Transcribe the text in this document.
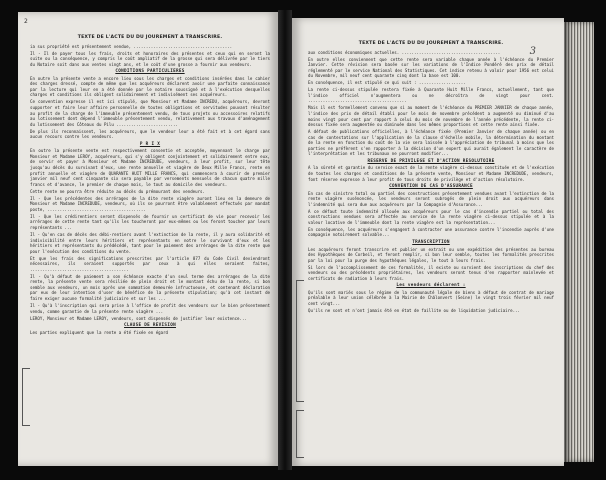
2
TEXTE DE L'ACTE DU DU JOUREMENT A TRANSCRIRE.

ia sus propriété est présentement vendue, ........................................

Il - Il de payer tous les frais, droits et honoraires des présentes et ceux qui en seront la suite ou la conséquence, y compris le coût ampliatif de la grosse qui sera délivrée par le tiers du Notaire soit dans aux ventes vingt ans, et le coût d'une grosse a fournir aux vendeurs.

CONDITIONS PARTICULIERES

En outre la présente vente a encore lieu sous les charges et conditions insérées dans le cahier des charges dressé, compte de même que les acquéreurs déclarent avoir une parfaite connaissance par la lecture qui leur en a été donnée par le notaire soussigné et à l'exécution desquelles charges et conditions ils obligent solidairement et indivisément ses acquéreurs.

Ce convention expresse il est ici stipulé, que Monsieur et Madame INCREDU, acquéreurs, devront supporter et faire leur affaire personnelle de toutes obligations et servitudes pouvant résulter au profit de la charge de l'immeuble présentement vendu, de tous projets ou accessoires relatifs au lotissement dont dépend l'immeuble présentement vendu, relativement aux travaux d'aménagement du lotissement des Côteaux du Pilu .........................

De plus ils reconnaissent, les acquéreurs, que le vendeur leur a été fait et à cet égard sans aucun recours contre les vendeurs.

P R I X

En outre la présente vente est respectivement consentie et acceptée, moyennant le charge par Monsieur et Madame LEROY, acquéreurs, qui s'y obligent conjointement et solidairement entre eux, de servir et payer à Monsieur et Madame INCREDUDE, vendeurs, à leur profit, sur leur tête jusqu'au décès du survivant d'eux, une rente annuelle et viagère de Deux Mille Francs, rente en profit annuelle et viagère de QUARANTE HUIT MILLE FRANCS, qui commencera à courir de premier janvier mil neuf cent cinquante six sera payable par versements mensuels de chacun quatre mille francs et d'avance, le premier de chaque mois, le tout au domicile des vendeurs.

Cette rente ne pourra être réduite au décès du prémourant des vendeurs.

Il - Que les précédentes des arrérages de la dite rente viagère auront lieu en la demeure de Monsieur et Madame INCREDUDE, vendeurs, où ils se pourront être valablement effectués par mandat poste, ........................................

Il - Que les crédirentiers seront dispensés de fournir un certificat de vie pour recevoir les arrérages de cette rente tant qu'ils les toucheront par eux-mêmes ou les feront toucher par leurs représentants ...

Il - Qu'en cas de décès des débi-rentiers avant l'extinction de la rente, il y aura solidarité et indivisibilité entre leurs héritiers et représentants en notre le survivant d'eux et les héritiers et représentants du prédécédé, tant pour le paiement des arrérages de la dite rente que pour l'exécution des conditions du vente.

Et que les frais des significations prescrites par l'article 877 du Code Civil deviendront nécessaires, ils seraient supportés par ceux à qui elles seraient faites, ........................................

Il - Qu'à défaut de paiement a son échéance exacte d'un seul terme des arrérages de la dite rente, la présente vente sera résiliée de plein droit et le montant échu de la rente, si bon semble aux vendeurs, un mois après une sommation demeurée infructueuse, et contenant déclaration par eux de leur intention d'user de bénéfice de la présente stipulation; qu'à cet instant de faire exiger aucune formalité judiciaire et sur les ...

Il - Qu'à l'inscription qui sera prise à l'office de profit des vendeurs sur le bien présentement vendu, comme garantie de la présente rente viagère ...

LEROY, Monsieur et Madame LEROY, vendeurs, sont dispensés de justifier leur existence...

CLAUSE DE REVISION

Les parties expliquent que la rente a été fixée en égard

3
TEXTE DE L'ACTE DU DU JOUREMENT A TRANSCRIRE.

aux conditions économiques actuelles. ........................................

En outre elles conviennent que cette rente sera variable chaque année à l'échéance du Premier Janvier. Cette révision sera basée sur les variations de l'Indice Pondéré des prix de détail réglementé par le service National des Statistiques. Cet indice retenu à valoir pour 1956 est celui du Novembre, mil neuf cent quarante cinq dont la base est 100.

En conséquence, il est stipulé ce qui suit : ...................

La rente ci-dessus stipulée restera fixée à Quarante Huit Mille Francs, actuellement, tant que l'indice officiel n'augmentera ou ne décroîtra de vingt pour cent. ........................................

Mais il est formellement convenu que si au moment de l'échéance du PREMIER JANVIER de chaque année, l'indice des prix de détail établi pour le mois de novembre précédent a augmenté ou diminué d'au moins vingt pour cent par rapport à celui du mois de novembre de l'année précédente, la rente ci-dessus fixée sera augmentée ou diminuée dans les mêmes proportions et cette rente ainsi fixée.

A défaut de publications officielles, à l'échéance fixée (Premier Janvier de chaque année) ou en cas de contestations sur l'application de la clause d'échelle mobile, la détermination du montant de la rente en fonction du coût de la vie sera laissée à l'appréciation de tribunal à moins que les parties ne préfèrent s'en rapporter à la décision d'un expert qui aurait également le caractère de l'interprétation et les tribunaux ne pourront modifier...

RESERVE DE PRIVILEGE ET D'ACTION RESOLUTOIRE

A la sûreté et garantie du service exact de la rente viagère ci-dessus constituée et de l'exécution de toutes les charges et conditions de la présente vente, Monsieur et Madame INCREDUDE, vendeurs, font réserve expresse à leur profit de tous droits de privilège et d'action résolutoire.

CONVENTION DE CAS D'ASSURANCE

En cas de sinistre total ou partiel des constructions présentement vendues avant l'extinction de la rente viagère susénoncée, les vendeurs seront subrogés de plein droit aux acquéreurs dans l'indemnité qui sera due aux acquéreurs par la Compagnie d'Assurance...

A ce défaut toute indemnité allouée aux acquéreurs pour le cas d'incendie partiel ou total des constructions vendues sera affectée au service de la rente viagère ci-dessus stipulée et à la valeur locative de l'immeuble dont la rente viagère est la représentation...

En conséquence, les acquéreurs s'engagent à contracter une assurance contre l'incendie auprès d'une compagnie notoirement solvable...

TRANSCRIPTION

Les acquéreurs feront transcrire et publier un extrait ou une expédition des présentes au bureau des Hypothèques de Corbeil, et feront remplir, si bon leur semble, toutes les formalités prescrites par la loi pour la purge des hypothèques légales, le tout à leurs frais.

Si lors de l'accomplissement de ces formalités, il existe ou survient des inscriptions du chef des vendeurs ou des précédents propriétaires, les vendeurs seront tenus d'en rapporter mainlevée et certificats de radiation à leurs frais.

Les vendeurs déclarent :

Qu'ils sont mariés sous le régime de la communauté légale de biens à défaut de contrat de mariage préalable à leur union célébrée à la Mairie de Châlonvert (Seine) le vingt trois février mil neuf cent vingt...

Qu'ils ne sont et n'ont jamais été en état de faillite ou de liquidation judiciaire...
